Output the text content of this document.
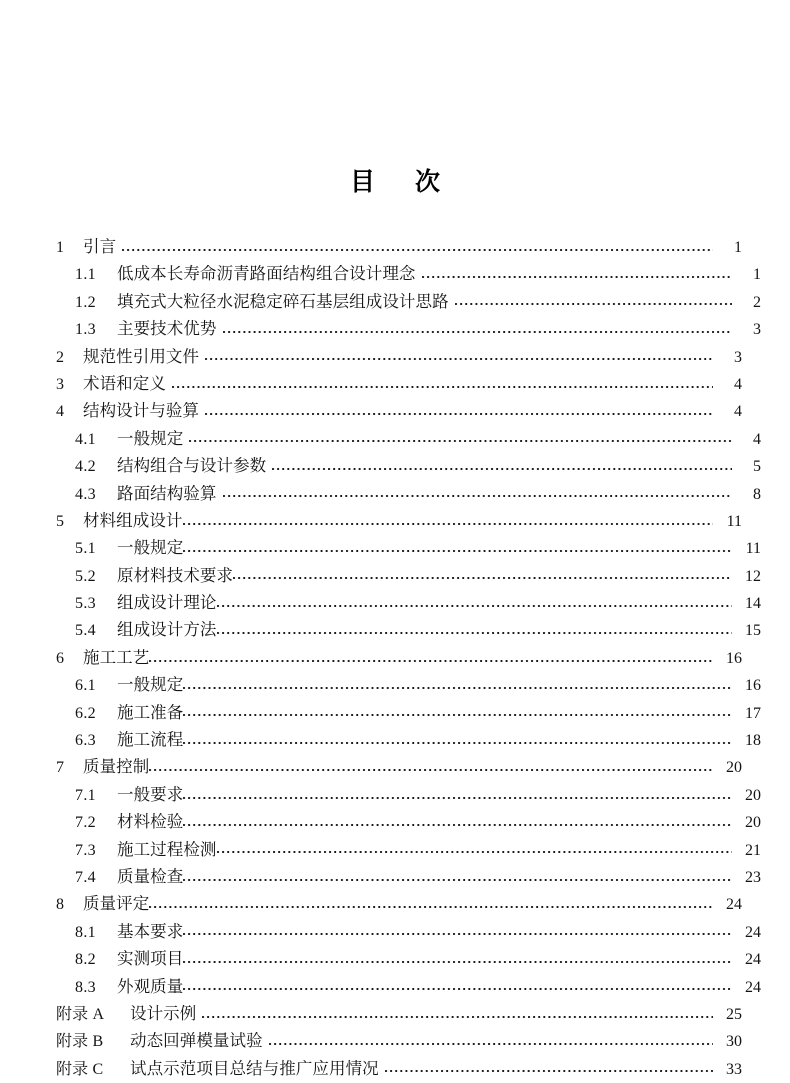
目　次
1	引言	1
1.1	低成本长寿命沥青路面结构组合设计理念	1
1.2	填充式大粒径水泥稳定碎石基层组成设计思路	2
1.3	主要技术优势	3
2	规范性引用文件	3
3	术语和定义	4
4	结构设计与验算	4
4.1	一般规定	4
4.2	结构组合与设计参数	5
4.3	路面结构验算	8
5	材料组成设计	11
5.1	一般规定	11
5.2	原材料技术要求	12
5.3	组成设计理论	14
5.4	组成设计方法	15
6	施工工艺	16
6.1	一般规定	16
6.2	施工准备	17
6.3	施工流程	18
7	质量控制	20
7.1	一般要求	20
7.2	材料检验	20
7.3	施工过程检测	21
7.4	质量检查	23
8	质量评定	24
8.1	基本要求	24
8.2	实测项目	24
8.3	外观质量	24
附录 A	设计示例	25
附录 B	动态回弹模量试验	30
附录 C	试点示范项目总结与推广应用情况	33
